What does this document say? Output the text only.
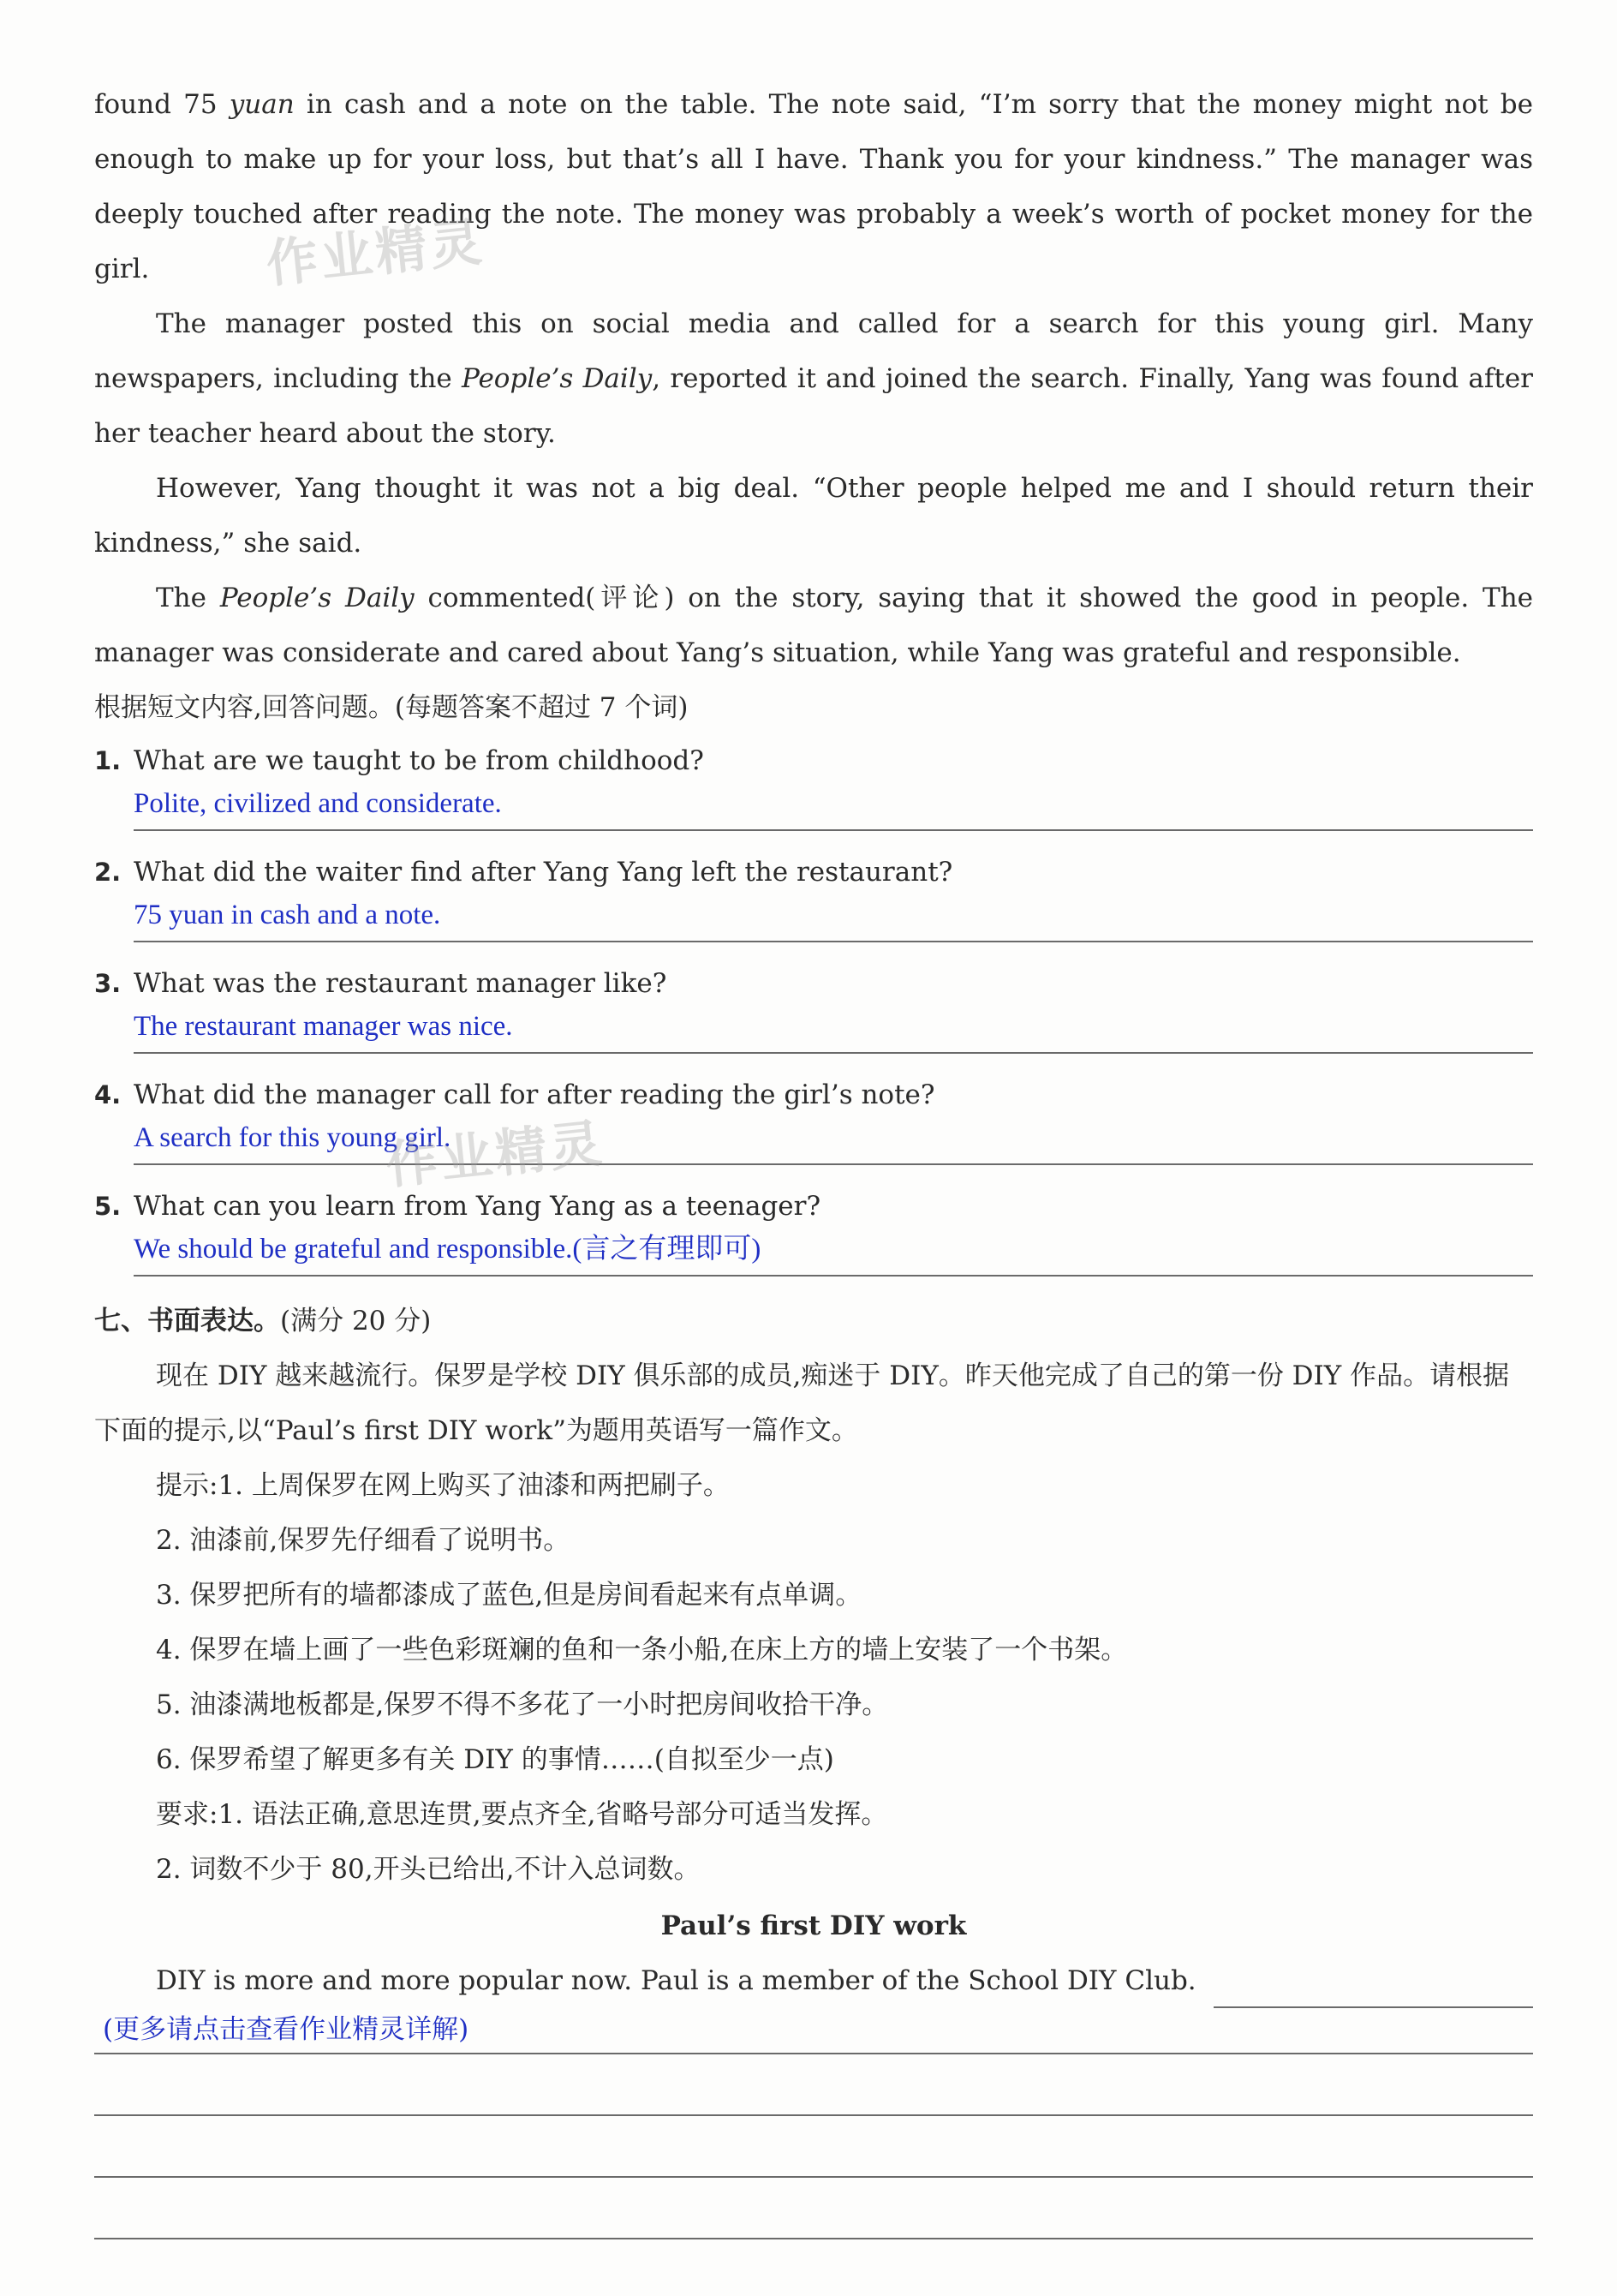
found 75 yuan in cash and a note on the table. The note said, “I’m sorry that the money might not be enough to make up for your loss, but that’s all I have. Thank you for your kindness.” The manager was deeply touched after reading the note. The money was probably a week’s worth of pocket money for the girl.

The manager posted this on social media and called for a search for this young girl. Many newspapers, including the People’s Daily, reported it and joined the search. Finally, Yang was found after her teacher heard about the story.

However, Yang thought it was not a big deal. “Other people helped me and I should return their kindness,” she said.

The People’s Daily commented(评论) on the story, saying that it showed the good in people. The manager was considerate and cared about Yang’s situation, while Yang was grateful and responsible.

根据短文内容,回答问题。(每题答案不超过 7 个词)
1. What are we taught to be from childhood?
Polite, civilized and considerate.
2. What did the waiter find after Yang Yang left the restaurant?
75 yuan in cash and a note.
3. What was the restaurant manager like?
The restaurant manager was nice.
4. What did the manager call for after reading the girl’s note?
A search for this young girl.
5. What can you learn from Yang Yang as a teenager?
We should be grateful and responsible.(言之有理即可)
七、书面表达。(满分 20 分)

现在 DIY 越来越流行。保罗是学校 DIY 俱乐部的成员,痴迷于 DIY。昨天他完成了自己的第一份 DIY 作品。请根据下面的提示,以“Paul’s first DIY work”为题用英语写一篇作文。

提示:1. 上周保罗在网上购买了油漆和两把刷子。

2. 油漆前,保罗先仔细看了说明书。

3. 保罗把所有的墙都漆成了蓝色,但是房间看起来有点单调。

4. 保罗在墙上画了一些色彩斑斓的鱼和一条小船,在床上方的墙上安装了一个书架。

5. 油漆满地板都是,保罗不得不多花了一小时把房间收拾干净。

6. 保罗希望了解更多有关 DIY 的事情……(自拟至少一点)

要求:1. 语法正确,意思连贯,要点齐全,省略号部分可适当发挥。

2. 词数不少于 80,开头已给出,不计入总词数。

Paul’s first DIY work
DIY is more and more popular now. Paul is a member of the School DIY Club.
(更多请点击查看作业精灵详解)
作业精灵
作业精灵
